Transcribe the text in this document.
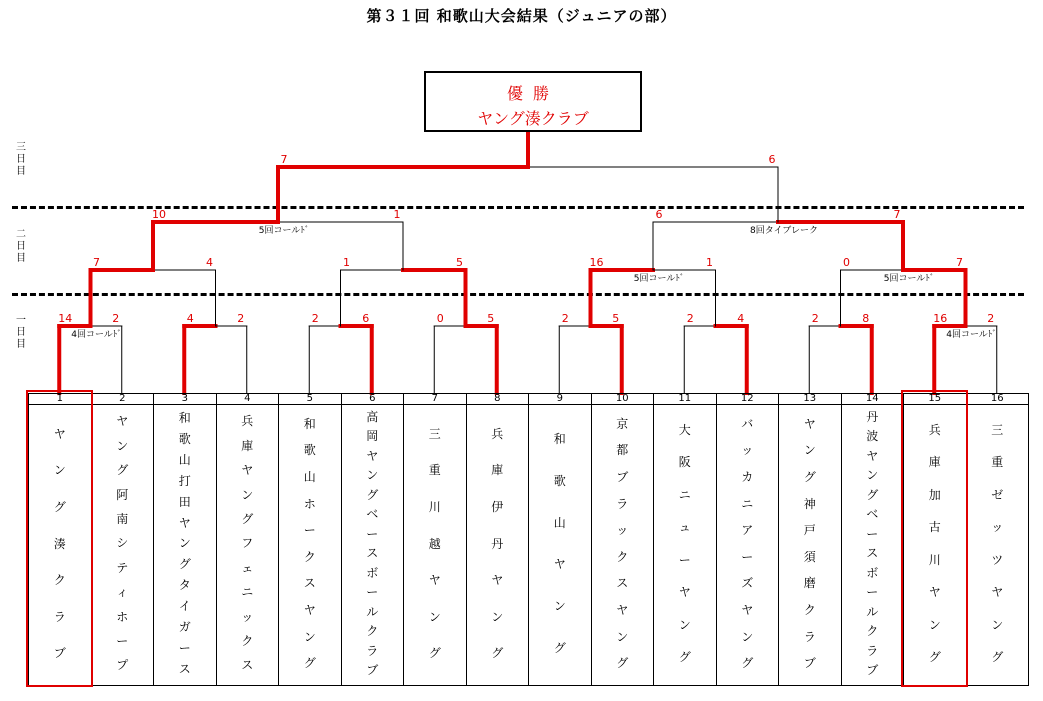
第３１回 和歌山大会結果（ジュニアの部）
優勝
ヤング湊クラブ
三
日
目
二
日
目
一
日
目
14	2
4回コールﾄﾞ
4	2	2	6	0	5	2	5	2	4	2	8	16	2
4回コールﾄﾞ
7	4	1	5	16	1
5回コールﾄﾞ
0	7
5回コールﾄﾞ
10	1
5回コールﾄﾞ
6	7
8回タイブレーク
7	6
1
ヤ
ン
グ
湊
ク
ラ
ブ
2
ヤ
ン
グ
阿
南
シ
テ
ィ
ホ
ー
プ
3
和
歌
山
打
田
ヤ
ン
グ
タ
イ
ガ
ー
ス
4
兵
庫
ヤ
ン
グ
フ
ェ
ニ
ッ
ク
ス
5
和
歌
山
ホ
ー
ク
ス
ヤ
ン
グ
6
高
岡
ヤ
ン
グ
ベ
ー
ス
ボ
ー
ル
ク
ラ
ブ
7
三
重
川
越
ヤ
ン
グ
8
兵
庫
伊
丹
ヤ
ン
グ
9
和
歌
山
ヤ
ン
グ
10
京
都
ブ
ラ
ッ
ク
ス
ヤ
ン
グ
11
大
阪
ニ
ュ
ー
ヤ
ン
グ
12
バ
ッ
カ
ニ
ア
ー
ズ
ヤ
ン
グ
13
ヤ
ン
グ
神
戸
須
磨
ク
ラ
ブ
14
丹
波
ヤ
ン
グ
ベ
ー
ス
ボ
ー
ル
ク
ラ
ブ
15
兵
庫
加
古
川
ヤ
ン
グ
16
三
重
ゼ
ッ
ツ
ヤ
ン
グ
